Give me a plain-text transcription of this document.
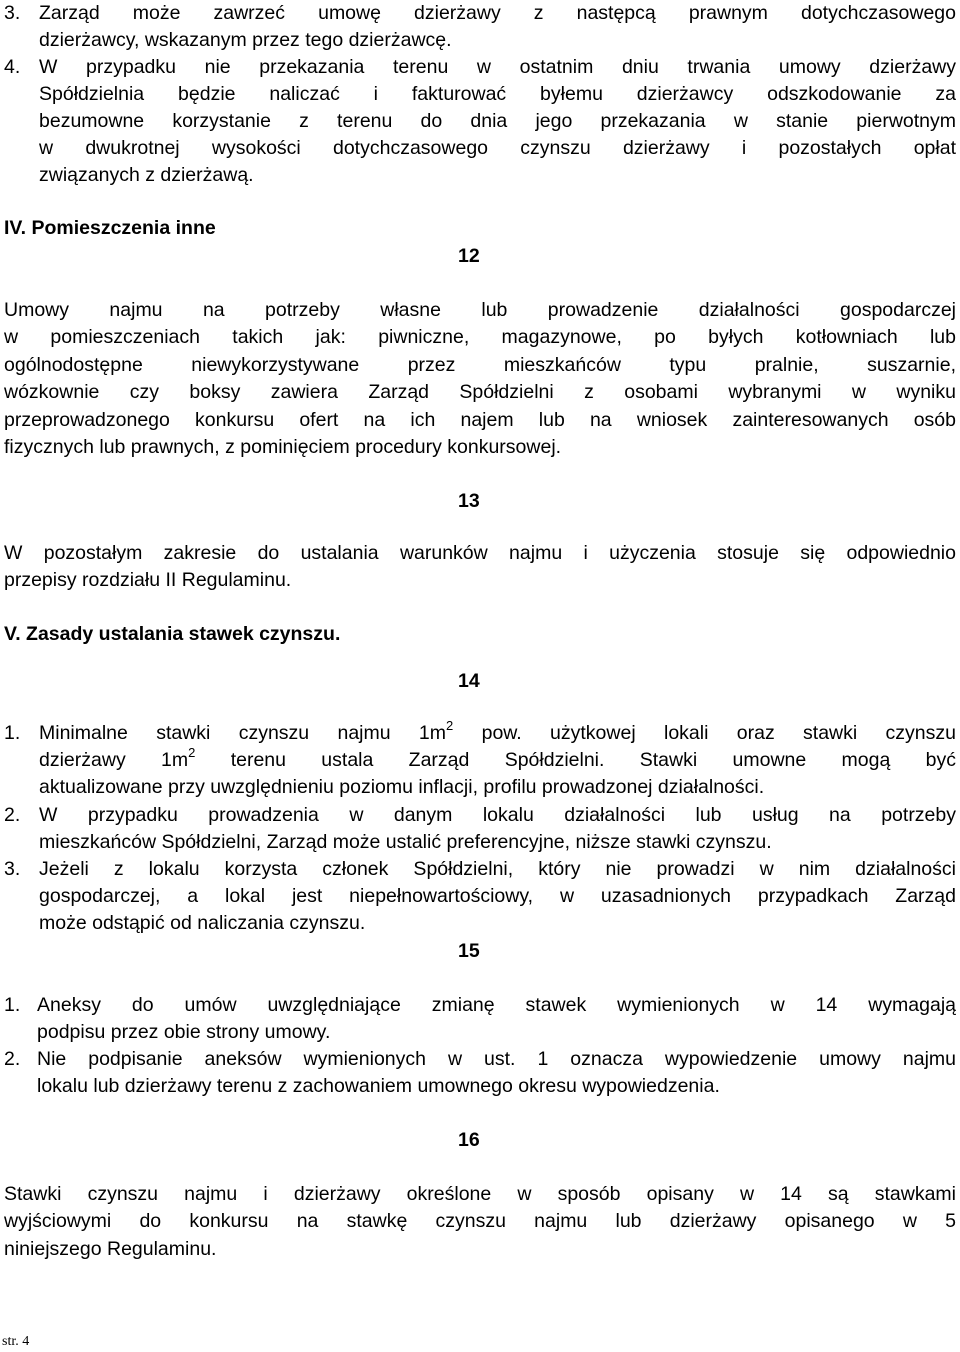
3. Zarząd może zawrzeć umowę dzierżawy z następcą prawnym dotychczasowego
dzierżawcy, wskazanym przez tego dzierżawcę.
4. W przypadku nie przekazania terenu w ostatnim dniu trwania umowy dzierżawy
Spółdzielnia będzie naliczać i fakturować byłemu dzierżawcy odszkodowanie za
bezumowne korzystanie z terenu do dnia jego przekazania w stanie pierwotnym
w dwukrotnej wysokości dotychczasowego czynszu dzierżawy i pozostałych opłat
związanych z dzierżawą.
IV. Pomieszczenia inne
12
Umowy najmu na potrzeby własne lub prowadzenie działalności gospodarczej
w pomieszczeniach takich jak: piwniczne, magazynowe, po byłych kotłowniach lub
ogólnodostępne niewykorzystywane przez mieszkańców typu pralnie, suszarnie,
wózkownie czy boksy zawiera Zarząd Spółdzielni z osobami wybranymi w wyniku
przeprowadzonego konkursu ofert na ich najem lub na wniosek zainteresowanych osób
fizycznych lub prawnych, z pominięciem procedury konkursowej.
13
W pozostałym zakresie do ustalania warunków najmu i użyczenia stosuje się odpowiednio
przepisy rozdziału II Regulaminu.
V. Zasady ustalania stawek czynszu.
14
1. Minimalne stawki czynszu najmu $1m^2$ pow. użytkowej lokali oraz stawki czynszu
dzierżawy $1m^2$ terenu ustala Zarząd Spółdzielni. Stawki umowne mogą być
aktualizowane przy uwzględnieniu poziomu inflacji, profilu prowadzonej działalności.
2. W przypadku prowadzenia w danym lokalu działalności lub usług na potrzeby
mieszkańców Spółdzielni, Zarząd może ustalić preferencyjne, niższe stawki czynszu.
3. Jeżeli z lokalu korzysta członek Spółdzielni, który nie prowadzi w nim działalności
gospodarczej, a lokal jest niepełnowartościowy, w uzasadnionych przypadkach Zarząd
może odstąpić od naliczania czynszu.
15
1. Aneksy do umów uwzględniające zmianę stawek wymienionych w 14 wymagają
podpisu przez obie strony umowy.
2. Nie podpisanie aneksów wymienionych w ust. 1 oznacza wypowiedzenie umowy najmu
lokalu lub dzierżawy terenu z zachowaniem umownego okresu wypowiedzenia.
16
Stawki czynszu najmu i dzierżawy określone w sposób opisany w 14 są stawkami
wyjściowymi do konkursu na stawkę czynszu najmu lub dzierżawy opisanego w 5
niniejszego Regulaminu.
str. 4
